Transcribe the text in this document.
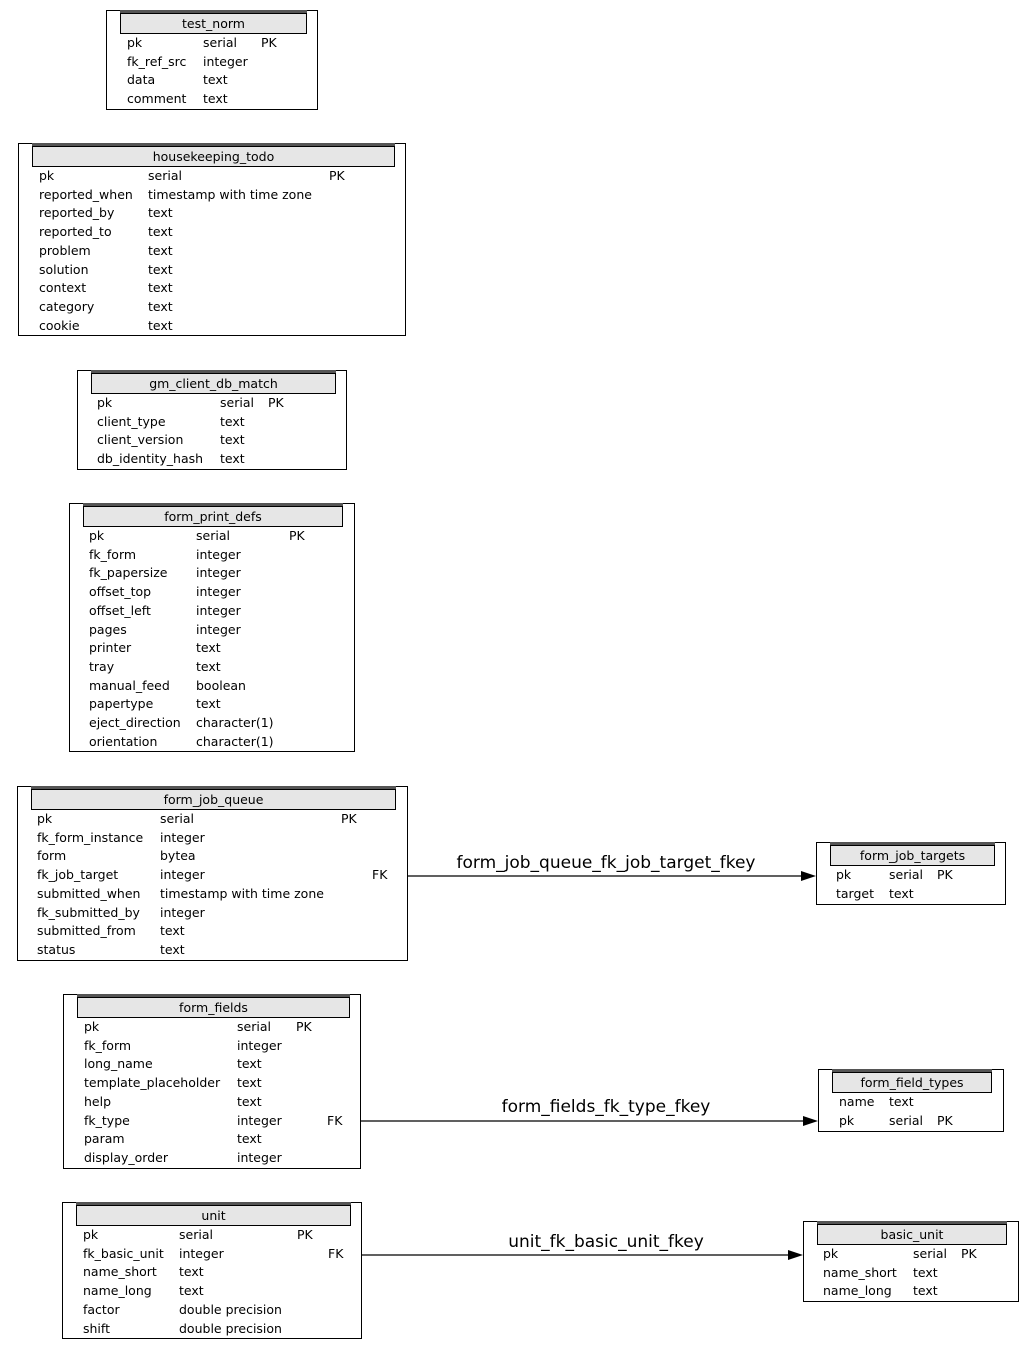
test_norm
pk	serial PK
fk_ref_src integer
data	text
comment text
housekeeping_todo
pk	serial	PK
reported_when timestamp with time zone
reported_by	text
reported_to	text
problem	text
solution	text
context	text
category	text
cookie	text
gm_client_db_match
pk	serial PK
client_type	text
client_version	text
db_identity_hash text
form_print_defs
pk	serial	PK
fk_form	integer
fk_papersize integer
offset_top	integer
offset_left	integer
pages	integer
printer	text
tray	text
manual_feed boolean
papertype	text
eject_direction character(1)
orientation	character(1)
form_job_queue
pk	serial	PK
fk_form_instance integer
form	bytea
fk_job_target	integer	FK
submitted_when timestamp with time zone
fk_submitted_by integer
submitted_from text
status	text
form_job_targets
pk	serial PK
target text
form_fields
pk	serial PK
fk_form	integer
long_name	text
template_placeholder text
help	text
fk_type	integer	FK
param	text
display_order	integer
form_field_types
name text
pk	serial PK
unit
pk	serial	PK
fk_basic_unit integer	FK
name_short text
name_long text
factor	double precision
shift	double precision
basic_unit
pk	serial PK
name_short text
name_long text
form_job_queue_fk_job_target_fkey
form_fields_fk_type_fkey
unit_fk_basic_unit_fkey
